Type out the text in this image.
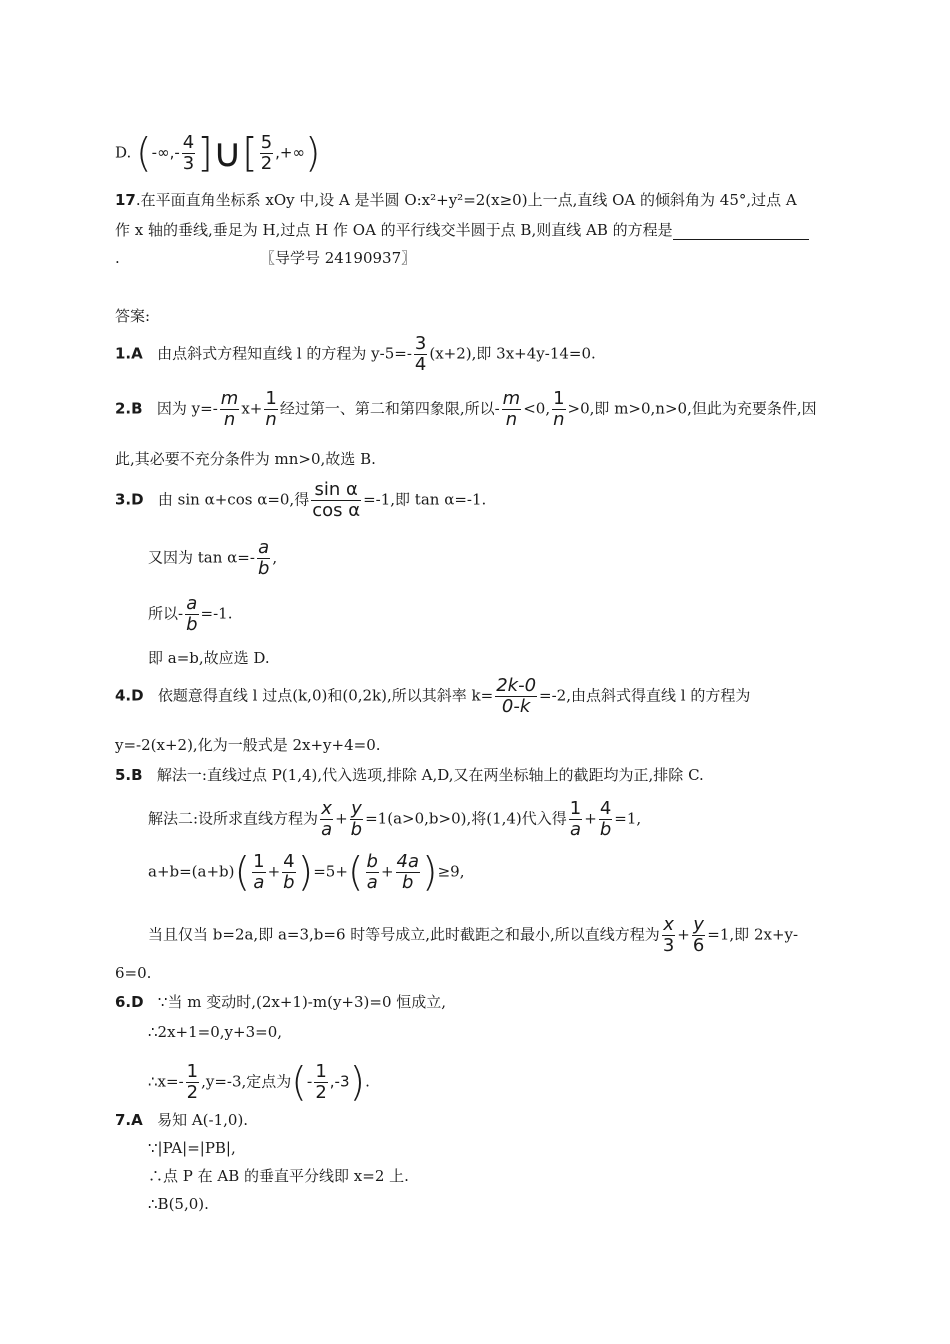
D. (-∞,- $\frac{4}{3}$ ]∪[ $\frac{5}{2}$ ,+∞)
17.在平面直角坐标系 xOy 中,设 A 是半圆 O:x²+y²=2(x≥0)上一点,直线 OA 的倾斜角为 45°,过点 A
作 x 轴的垂线,垂足为 H,过点 H 作 OA 的平行线交半圆于点 B,则直线 AB 的方程是
.	〖导学号 24190937〗
答案:
1.A 由点斜式方程知直线 l 的方程为 $y-5=- \frac{3}{4} (x+2)$,即 3x+4y-14=0.
2.B 因为 $y=- \frac{m}{n} x+ \frac{1}{n}$ 经过第一、第二和第四象限,所以- $\frac{m}{n} <0$, $\frac{1}{n} >0$,即 m>0,n>0,但此为充要条件,因
此,其必要不充分条件为 mn>0,故选 B.
3.D 由 sin α+cos α=0,得 $\frac{\text{sin α}}{\text{cos α}} =-1$,即 tan α=-1.
又因为 $\tan \alpha=- \frac{a}{b}$ ,
所以- $\frac{a}{b} =-1$.
即 a=b,故应选 D.
4.D 依题意得直线 l 过点(k,0)和(0,2k),所以其斜率 $k= \frac{2k-0}{0-k} =-2$,由点斜式得直线 l 的方程为
y=-2(x+2),化为一般式是 2x+y+4=0.
5.B 解法一:直线过点 P(1,4),代入选项,排除 A,D,又在两坐标轴上的截距均为正,排除 C.
解法二:设所求直线方程为 $\frac{x}{a} + \frac{y}{b} =1(a>0,b>0)$,将(1,4)代入得 $\frac{1}{a} + \frac{4}{b} =1$,
$a+b=(a+b)( \frac{1}{a} + \frac{4}{b} )=5+( \frac{b}{a} + \frac{4a}{b} )\ge 9$,
当且仅当 b=2a,即 a=3,b=6 时等号成立,此时截距之和最小,所以直线方程为 $\frac{x}{3} + \frac{y}{6} =1$,即 2x+y-
6=0.
6.D ∵当 m 变动时,(2x+1)-m(y+3)=0 恒成立,
∴2x+1=0,y+3=0,
∴x=- $\frac{1}{2} ,y=-3$,定点为(- $\frac{1}{2} ,-3$).
7.A 易知 A(-1,0).
∵|PA|=|PB|,
∴点 P 在 AB 的垂直平分线即 x=2 上.
∴B(5,0).
